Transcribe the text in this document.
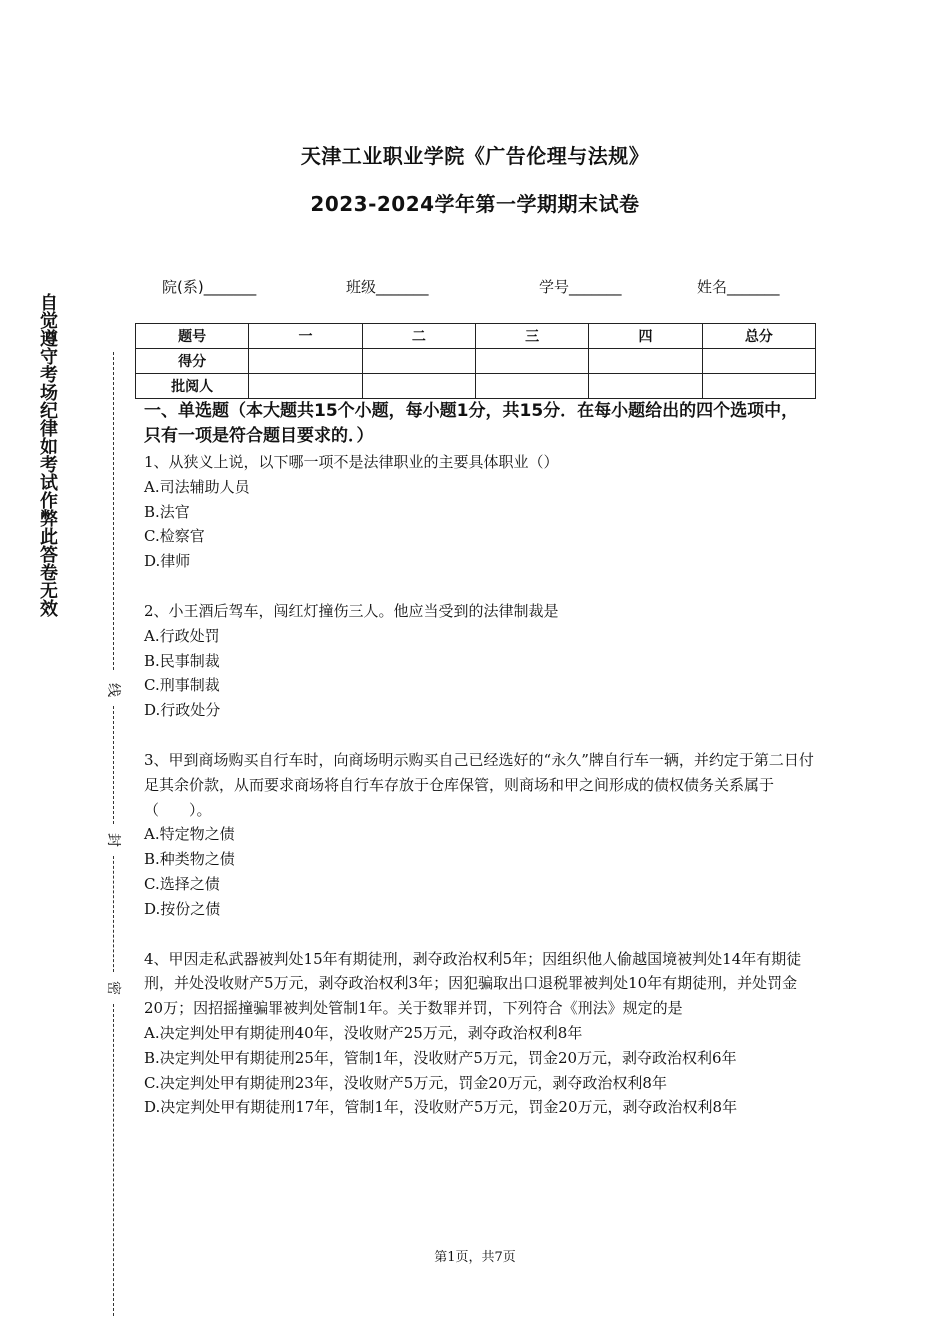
天津工业职业学院《广告伦理与法规》
2023-2024学年第一学期期末试卷
院(系)_______	班级_______	学号_______	姓名_______
题号	一	二	三	四	总分
得分					
批阅人					
自觉遵守考场纪律如考试作弊此答卷无效
线
封
密

一、单选题（本大题共15个小题，每小题1分，共15分．在每小题给出的四个选项中，只有一项是符合题目要求的．）

1、从狭义上说，以下哪一项不是法律职业的主要具体职业（）

A.司法辅助人员

B.法官

C.检察官

D.律师

2、小王酒后驾车，闯红灯撞伤三人。他应当受到的法律制裁是

A.行政处罚

B.民事制裁

C.刑事制裁

D.行政处分

3、甲到商场购买自行车时，向商场明示购买自己已经选好的“永久”牌自行车一辆，并约定于第二日付足其余价款，从而要求商场将自行车存放于仓库保管，则商场和甲之间形成的债权债务关系属于（　　）。

A.特定物之债

B.种类物之债

C.选择之债

D.按份之债

4、甲因走私武器被判处15年有期徒刑，剥夺政治权利5年；因组织他人偷越国境被判处14年有期徒刑，并处没收财产5万元，剥夺政治权利3年；因犯骗取出口退税罪被判处10年有期徒刑，并处罚金20万；因招摇撞骗罪被判处管制1年。关于数罪并罚，下列符合《刑法》规定的是

A.决定判处甲有期徒刑40年，没收财产25万元，剥夺政治权利8年

B.决定判处甲有期徒刑25年，管制1年，没收财产5万元，罚金20万元，剥夺政治权利6年

C.决定判处甲有期徒刑23年，没收财产5万元，罚金20万元，剥夺政治权利8年

D.决定判处甲有期徒刑17年，管制1年，没收财产5万元，罚金20万元，剥夺政治权利8年

第1页，共7页
